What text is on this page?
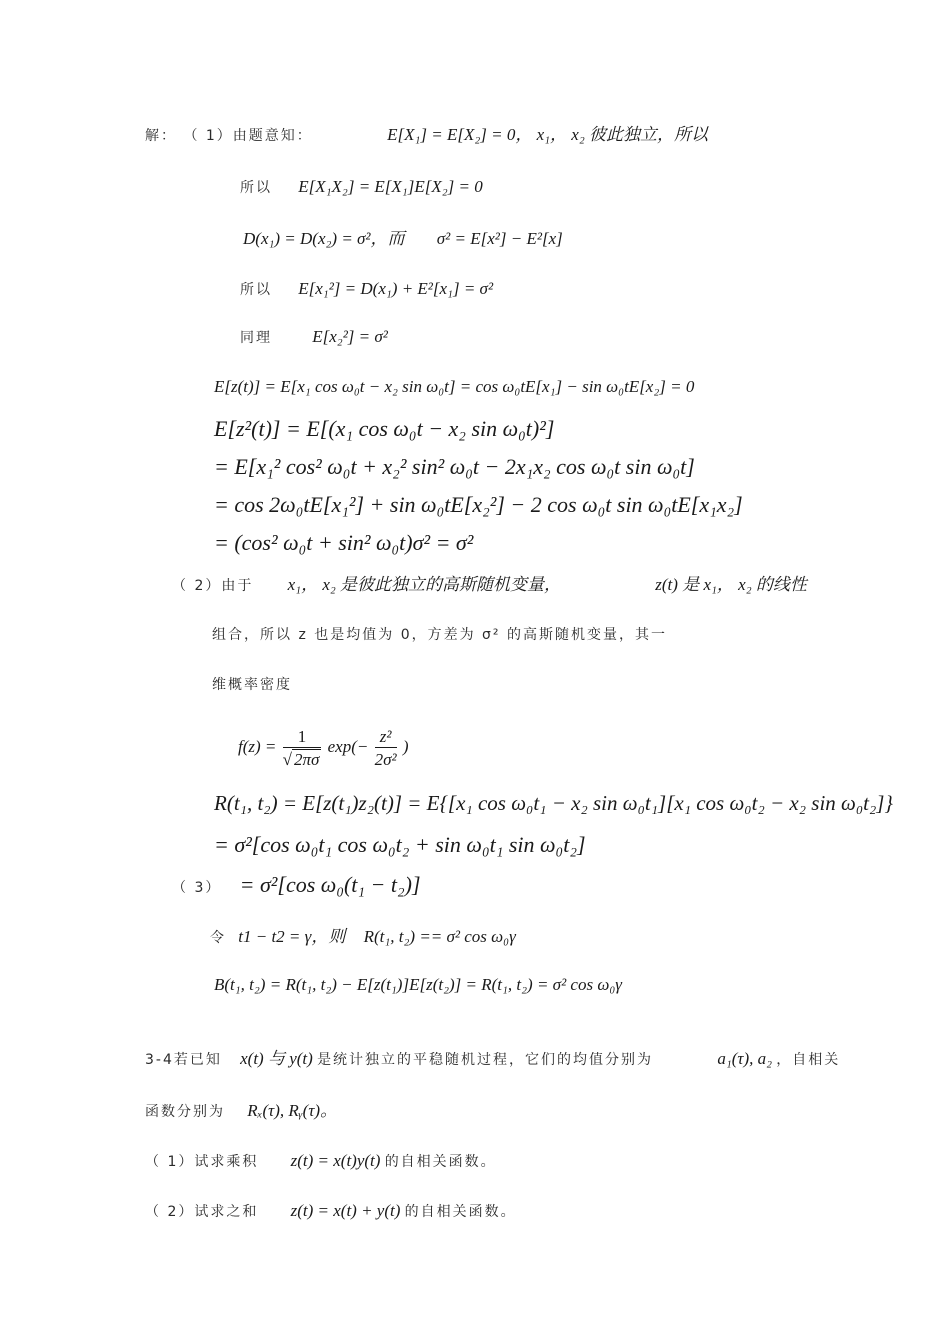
解： （ 1）由题意知：	E[X₁] = E[X₂] = 0， x₁， x₂ 彼此独立，所以
所以 E[X₁X₂] = E[X₁]E[X₂] = 0
D(x₁) = D(x₂) = σ²，而 σ² = E[x²] − E²[x]
所以 E[x₁²] = D(x₁) + E²[x₁] = σ²
同理 E[x₂²] = σ²
E[z(t)] = E[x₁ cos ω₀t − x₂ sin ω₀t] = cos ω₀tE[x₁] − sin ω₀tE[x₂] = 0
E[z²(t)] = E[(x₁ cos ω₀t − x₂ sin ω₀t)²]
= E[x₁² cos² ω₀t + x₂² sin² ω₀t − 2x₁x₂ cos ω₀t sin ω₀t]
= cos 2ω₀tE[x₁²] + sin ω₀tE[x₂²] − 2 cos ω₀t sin ω₀tE[x₁x₂]
= (cos² ω₀t + sin² ω₀t)σ² = σ²
（ 2）由于 x₁， x₂ 是彼此独立的高斯随机变量，	z(t) 是 x₁， x₂ 的线性
组合，所以 z 也是均值为 0，方差为 σ² 的高斯随机变量，其一
维概率密度
$f(z) = \frac{1}{√ 2\pi\sigma} \exp(- \frac{\text{z²}}{\text{2σ²}}$ )
R(t₁, t₂) = E[z(t₁)z₂(t)] = E{[x₁ cos ω₀t₁ − x₂ sin ω₀t₁][x₁ cos ω₀t₂ − x₂ sin ω₀t₂]}
= σ²[cos ω₀t₁ cos ω₀t₂ + sin ω₀t₁ sin ω₀t₂]
（ 3） = σ²[cos ω₀(t₁ − t₂)]
令 t1 − t2 = γ，则 R(t₁, t₂) == σ² cos ω₀γ
B(t₁, t₂) = R(t₁, t₂) − E[z(t₁)]E[z(t₂)] = R(t₁, t₂) = σ² cos ω₀γ
3-4若已知 x(t) 与 y(t) 是统计独立的平稳随机过程，它们的均值分别为	a₁(τ), a₂ ，自相关
函数分别为 Rₓ(τ), Rᵧ(τ)。
（ 1）试求乘积 z(t) = x(t)y(t) 的自相关函数。
（ 2）试求之和 z(t) = x(t) + y(t) 的自相关函数。
